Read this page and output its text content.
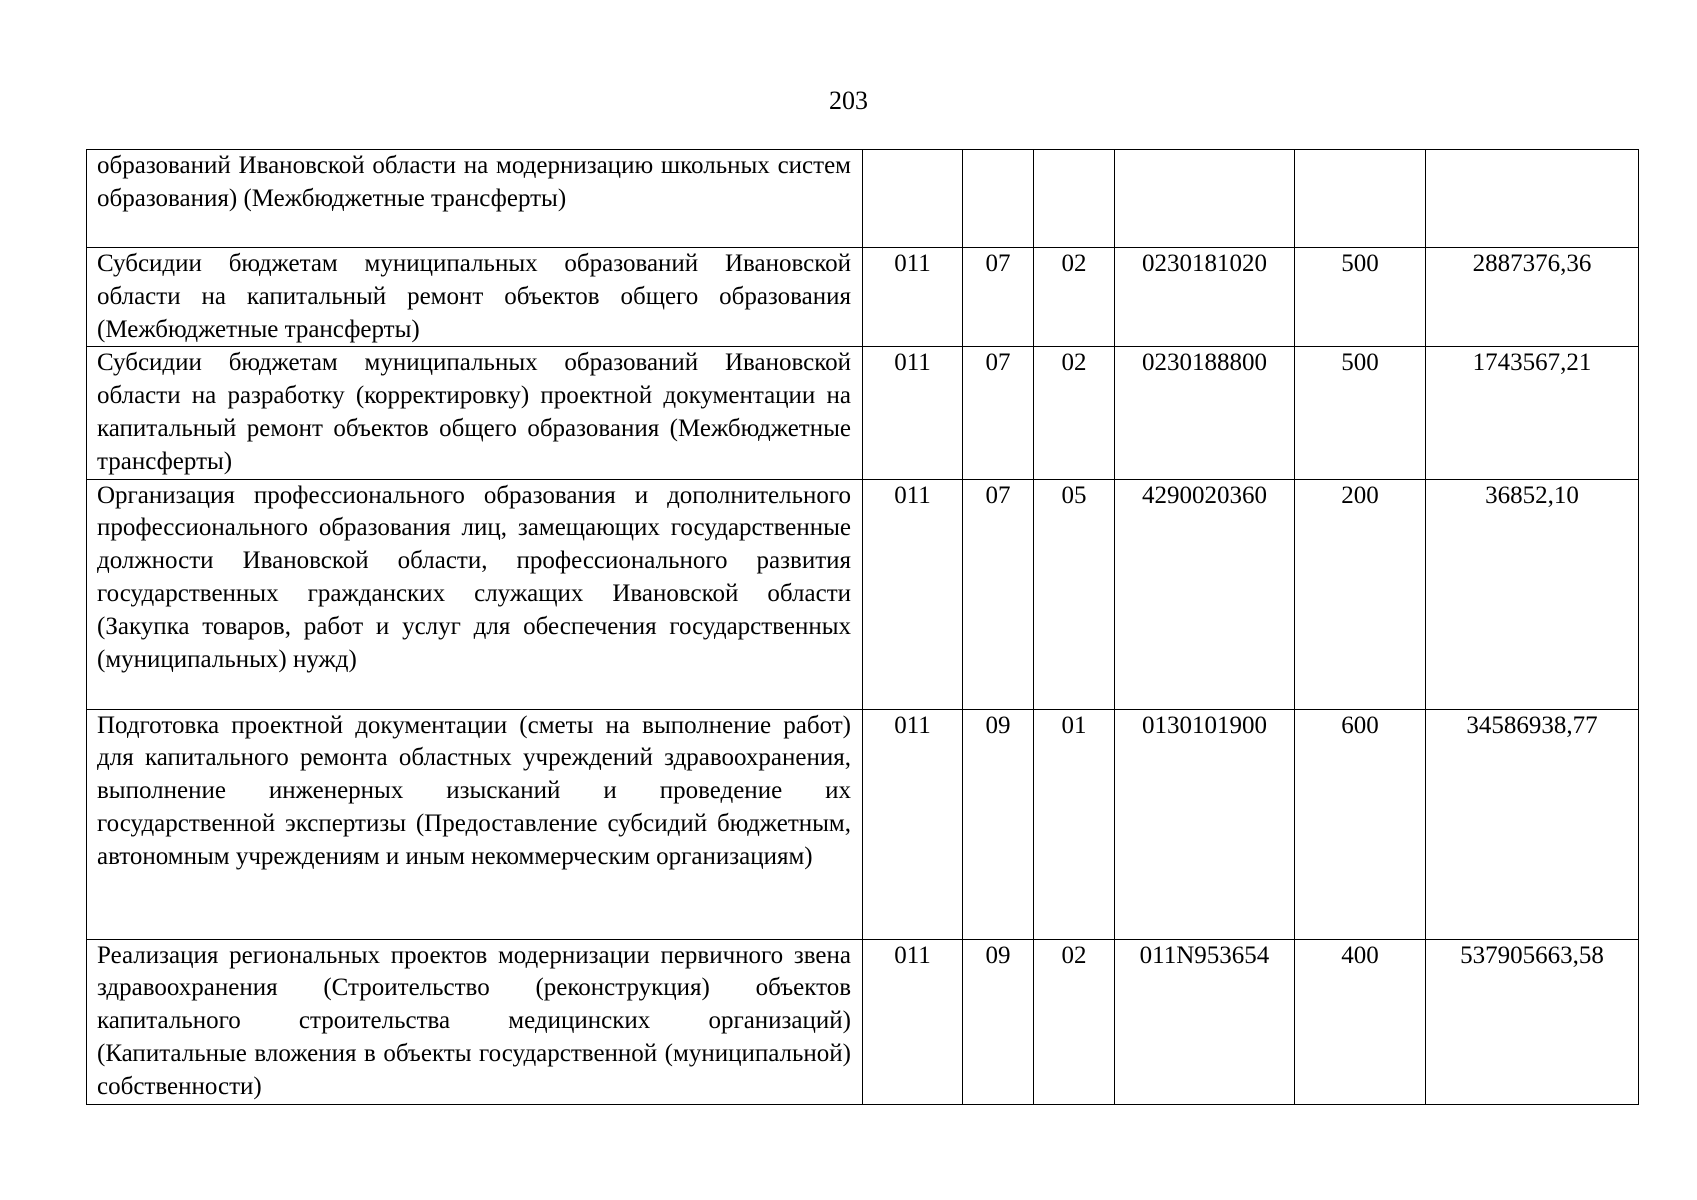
203
образований Ивановской области на модернизацию школьных систем образования) (Межбюджетные трансферты)						
Субсидии бюджетам муниципальных образований Ивановской области на капитальный ремонт объектов общего образования (Межбюджетные трансферты)	011	07	02	0230181020	500	2887376,36
Субсидии бюджетам муниципальных образований Ивановской области на разработку (корректировку) проектной документации на капитальный ремонт объектов общего образования (Межбюджетные трансферты)	011	07	02	0230188800	500	1743567,21
Организация профессионального образования и дополнительного профессионального образования лиц, замещающих государственные должности Ивановской области, профессионального развития государственных гражданских служащих Ивановской области (Закупка товаров, работ и услуг для обеспечения государственных (муниципальных) нужд)	011	07	05	4290020360	200	36852,10
Подготовка проектной документации (сметы на выполнение работ) для капитального ремонта областных учреждений здравоохранения, выполнение инженерных изысканий и проведение их государственной экспертизы (Предоставление субсидий бюджетным, автономным учреждениям и иным некоммерческим организациям)	011	09	01	0130101900	600	34586938,77
Реализация региональных проектов модернизации первичного звена здравоохранения (Строительство (реконструкция) объектов капитального строительства медицинских организаций) (Капитальные вложения в объекты государственной (муниципальной) собственности)	011	09	02	011N953654	400	537905663,58
